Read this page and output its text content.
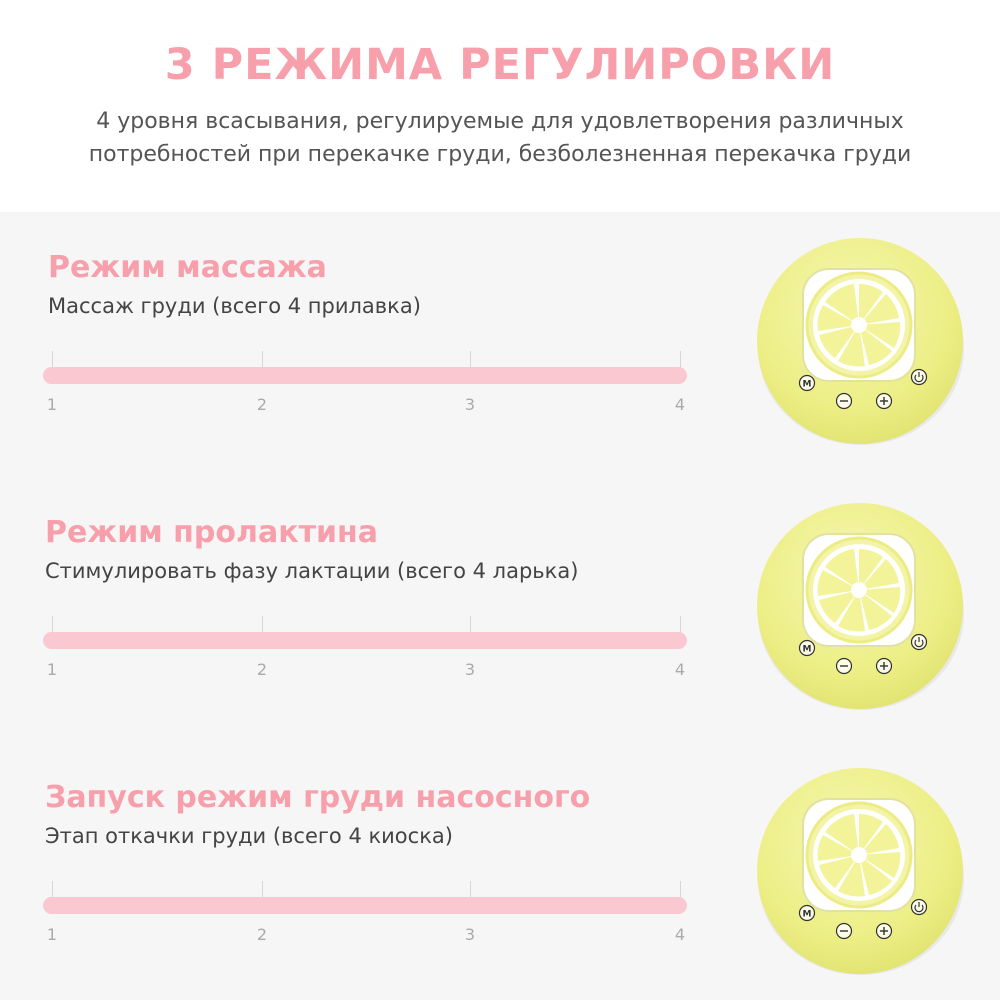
3 РЕЖИМА РЕГУЛИРОВКИ
4 уровня всасывания, регулируемые для удовлетворения различных
потребностей при перекачке груди, безболезненная перекачка груди
Режим массажа
Массаж груди (всего 4 прилавка)
1	2	3	4
M
Режим пролактина
Стимулировать фазу лактации (всего 4 ларька)
1	2	3	4
M
Запуск режим груди насосного
Этап откачки груди (всего 4 киоска)
1	2	3	4
M
